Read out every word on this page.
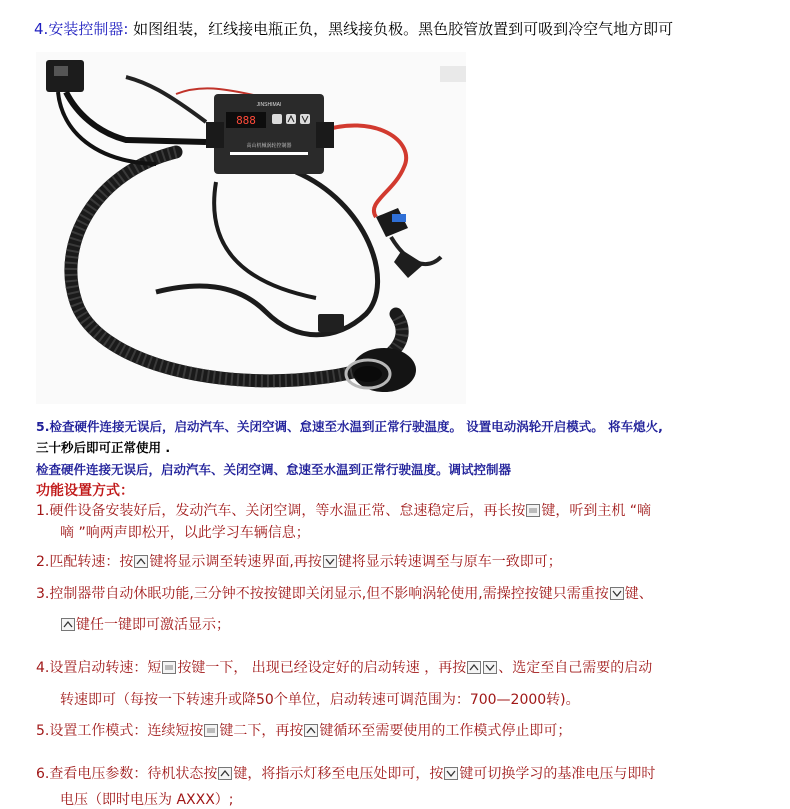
4.安装控制器: 如图组装，红线接电瓶正负，黑线接负极。黑色胶管放置到可吸到冷空气地方即可
JINSHIMAI
888
高山机械涡轮控制器
5.检查硬件连接无误后，启动汽车、关闭空调、怠速至水温到正常行驶温度。 设置电动涡轮开启模式。 将车熄火,
三十秒后即可正常使用 .
检查硬件连接无误后，启动汽车、关闭空调、怠速至水温到正常行驶温度。调试控制器
功能设置方式：
1.硬件设备安装好后，发动汽车、关闭空调，等水温正常、怠速稳定后，再长按 键，听到主机 “嘀
嘀 ”响两声即松开，以此学习车辆信息；
2.匹配转速：按 键将显示调至转速界面,再按 键将显示转速调至与原车一致即可；
3.控制器带自动休眠功能,三分钟不按按键即关闭显示,但不影响涡轮使用,需操控按键只需重按 键、
键任一键即可激活显示；
4.设置启动转速：短 按键一下， 出现已经设定好的启动转速 ，再按 、选定至自己需要的启动
转速即可（每按一下转速升或降50个单位，启动转速可调范围为：700—2000转)。
5.设置工作模式：连续短按 键二下，再按 键循环至需要使用的工作模式停止即可；
6.查看电压参数：待机状态按 键，将指示灯移至电压处即可，按 键可切换学习的基准电压与即时
电压（即时电压为 AXXX）;
